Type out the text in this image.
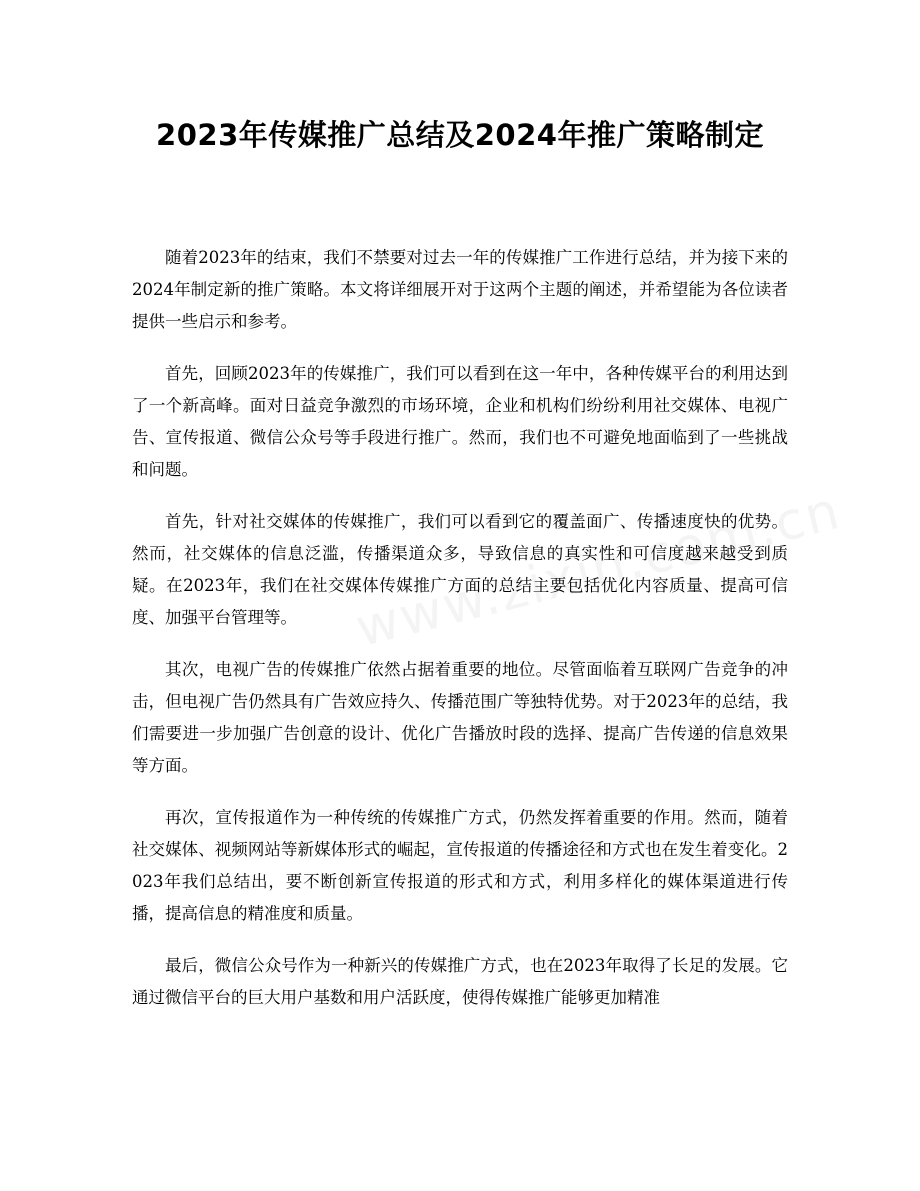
2023年传媒推广总结及2024年推广策略制定

随着2023年的结束，我们不禁要对过去一年的传媒推广工作进行总结，并为接下来的2024年制定新的推广策略。本文将详细展开对于这两个主题的阐述，并希望能为各位读者提供一些启示和参考。

首先，回顾2023年的传媒推广，我们可以看到在这一年中，各种传媒平台的利用达到了一个新高峰。面对日益竞争激烈的市场环境，企业和机构们纷纷利用社交媒体、电视广告、宣传报道、微信公众号等手段进行推广。然而，我们也不可避免地面临到了一些挑战和问题。

首先，针对社交媒体的传媒推广，我们可以看到它的覆盖面广、传播速度快的优势。然而，社交媒体的信息泛滥，传播渠道众多，导致信息的真实性和可信度越来越受到质疑。在2023年，我们在社交媒体传媒推广方面的总结主要包括优化内容质量、提高可信度、加强平台管理等。

其次，电视广告的传媒推广依然占据着重要的地位。尽管面临着互联网广告竞争的冲击，但电视广告仍然具有广告效应持久、传播范围广等独特优势。对于2023年的总结，我们需要进一步加强广告创意的设计、优化广告播放时段的选择、提高广告传递的信息效果等方面。

再次，宣传报道作为一种传统的传媒推广方式，仍然发挥着重要的作用。然而，随着社交媒体、视频网站等新媒体形式的崛起，宣传报道的传播途径和方式也在发生着变化。2023年我们总结出，要不断创新宣传报道的形式和方式，利用多样化的媒体渠道进行传播，提高信息的精准度和质量。

最后，微信公众号作为一种新兴的传媒推广方式，也在2023年取得了长足的发展。它通过微信平台的巨大用户基数和用户活跃度，使得传媒推广能够更加精准
